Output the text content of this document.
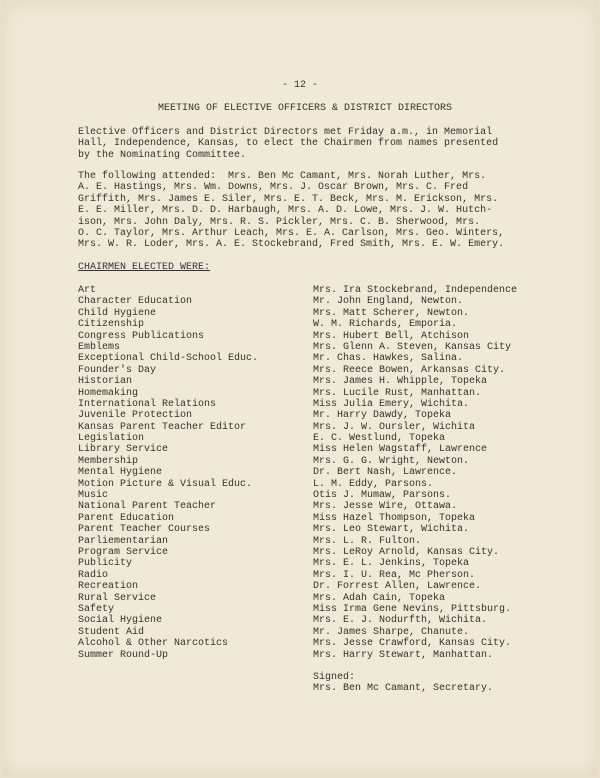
- 12 -
MEETING OF ELECTIVE OFFICERS & DISTRICT DIRECTORS
Elective Officers and District Directors met Friday a.m., in Memorial
Hall, Independence, Kansas, to elect the Chairmen from names presented
by the Nominating Committee.
The following attended:  Mrs. Ben Mc Camant, Mrs. Norah Luther, Mrs.
A. E. Hastings, Mrs. Wm. Downs, Mrs. J. Oscar Brown, Mrs. C. Fred
Griffith, Mrs. James E. Siler, Mrs. E. T. Beck, Mrs. M. Erickson, Mrs.
E. E. Miller, Mrs. D. D. Harbaugh, Mrs. A. D. Lowe, Mrs. J. W. Hutch-
ison, Mrs. John Daly, Mrs. R. S. Pickler, Mrs. C. B. Sherwood, Mrs.
O. C. Taylor, Mrs. Arthur Leach, Mrs. E. A. Carlson, Mrs. Geo. Winters,
Mrs. W. R. Loder, Mrs. A. E. Stockebrand, Fred Smith, Mrs. E. W. Emery.
CHAIRMEN ELECTED WERE:
Art	Mrs. Ira Stockebrand, Independence
Character Education	Mr. John England, Newton.
Child Hygiene	Mrs. Matt Scherer, Newton.
Citizenship	W. M. Richards, Emporia.
Congress Publications	Mrs. Hubert Bell, Atchison
Emblems	Mrs. Glenn A. Steven, Kansas City
Exceptional Child-School Educ.	Mr. Chas. Hawkes, Salina.
Founder's Day	Mrs. Reece Bowen, Arkansas City.
Historian	Mrs. James H. Whipple, Topeka
Homemaking	Mrs. Lucile Rust, Manhattan.
International Relations	Miss Julia Emery, Wichita.
Juvenile Protection	Mr. Harry Dawdy, Topeka
Kansas Parent Teacher Editor	Mrs. J. W. Oursler, Wichita
Legislation	E. C. Westlund, Topeka
Library Service	Miss Helen Wagstaff, Lawrence
Membership	Mrs. G. G. Wright, Newton.
Mental Hygiene	Dr. Bert Nash, Lawrence.
Motion Picture & Visual Educ.	L. M. Eddy, Parsons.
Music	Otis J. Mumaw, Parsons.
National Parent Teacher	Mrs. Jesse Wire, Ottawa.
Parent Education	Miss Hazel Thompson, Topeka
Parent Teacher Courses	Mrs. Leo Stewart, Wichita.
Parliementarian	Mrs. L. R. Fulton.
Program Service	Mrs. LeRoy Arnold, Kansas City.
Publicity	Mrs. E. L. Jenkins, Topeka
Radio	Mrs. I. U. Rea, Mc Pherson.
Recreation	Dr. Forrest Allen, Lawrence.
Rural Service	Mrs. Adah Cain, Topeka
Safety	Miss Irma Gene Nevins, Pittsburg.
Social Hygiene	Mrs. E. J. Nodurfth, Wichita.
Student Aid	Mr. James Sharpe, Chanute.
Alcohol & Other Narcotics	Mrs. Jesse Crawford, Kansas City.
Summer Round-Up	Mrs. Harry Stewart, Manhattan.
Signed:
Mrs. Ben Mc Camant, Secretary.
